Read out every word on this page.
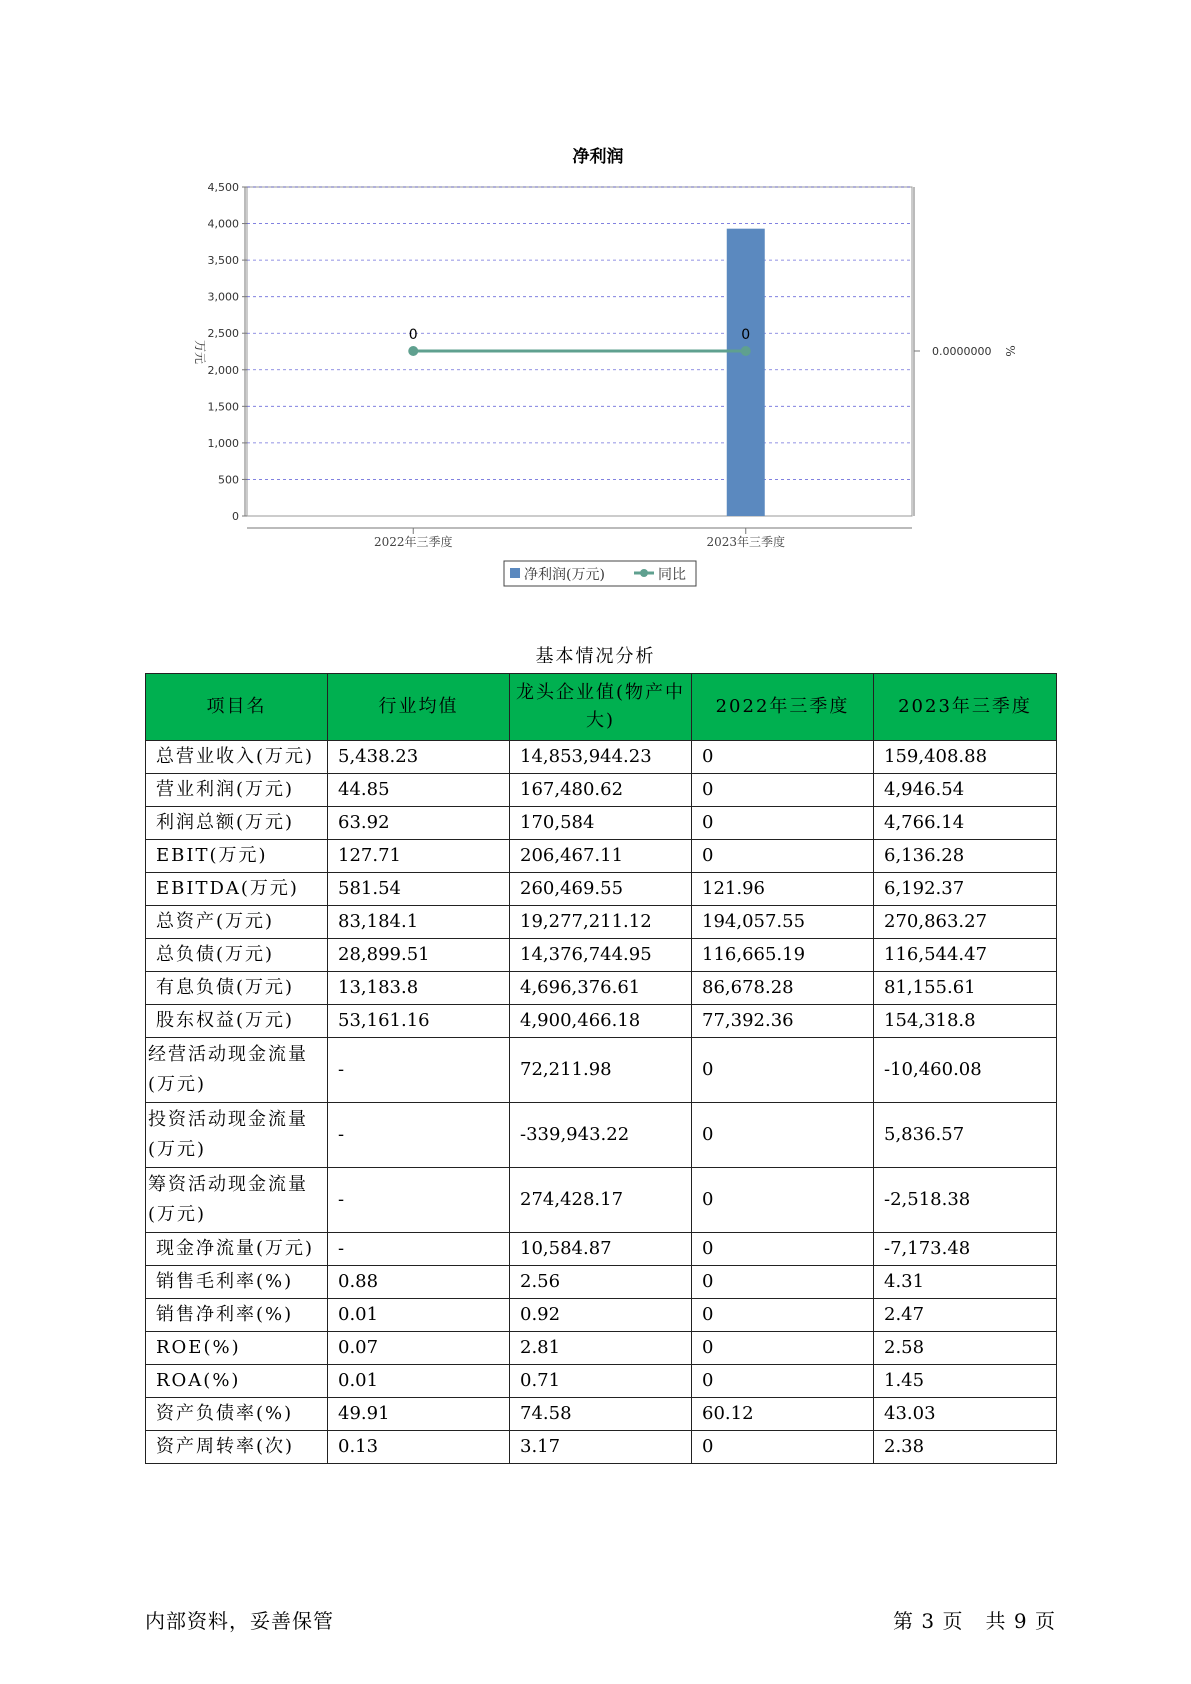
净利润
0
500
1,000
1,500
2,000
2,500
3,000
3,500
4,000
4,500
万元
0	0
0.0000000 %
2022年三季度	2023年三季度
净利润(万元)	同比
基本情况分析
项目名	行业均值	龙头企业值(物产中大)	2022年三季度	2023年三季度
总营业收入(万元)	5,438.23	14,853,944.23	0	159,408.88
营业利润(万元)	44.85	167,480.62	0	4,946.54
利润总额(万元)	63.92	170,584	0	4,766.14
EBIT(万元)	127.71	206,467.11	0	6,136.28
EBITDA(万元)	581.54	260,469.55	121.96	6,192.37
总资产(万元)	83,184.1	19,277,211.12	194,057.55	270,863.27
总负债(万元)	28,899.51	14,376,744.95	116,665.19	116,544.47
有息负债(万元)	13,183.8	4,696,376.61	86,678.28	81,155.61
股东权益(万元)	53,161.16	4,900,466.18	77,392.36	154,318.8
经营活动现金流量(万元)	-	72,211.98	0	-10,460.08
投资活动现金流量(万元)	-	-339,943.22	0	5,836.57
筹资活动现金流量(万元)	-	274,428.17	0	-2,518.38
现金净流量(万元)	-	10,584.87	0	-7,173.48
销售毛利率(%)	0.88	2.56	0	4.31
销售净利率(%)	0.01	0.92	0	2.47
ROE(%)	0.07	2.81	0	2.58
ROA(%)	0.01	0.71	0	1.45
资产负债率(%)	49.91	74.58	60.12	43.03
资产周转率(次)	0.13	3.17	0	2.38
内部资料，妥善保管	第 3 页   共 9 页
